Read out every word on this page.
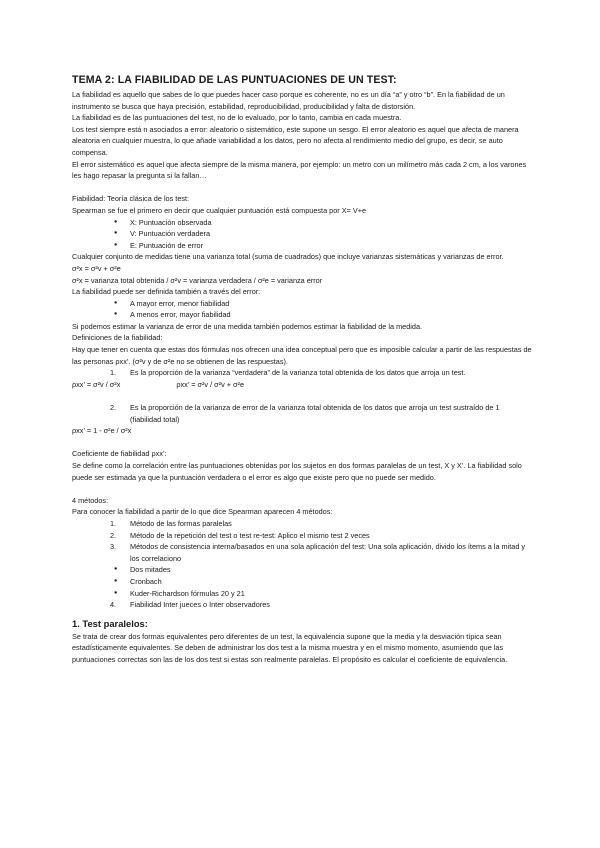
TEMA 2: LA FIABILIDAD DE LAS PUNTUACIONES DE UN TEST:

La fiabilidad es aquello que sabes de lo que puedes hacer caso porque es coherente, no es un día “a” y otro “b”. En la fiabilidad de un instrumento se busca que haya precisión, estabilidad, reproducibilidad, producibilidad y falta de distorsión.

La fiabilidad es de las puntuaciones del test, no de lo evaluado, por lo tanto, cambia en cada muestra.

Los test siempre está n asociados a error: aleatorio o sistemático, este supone un sesgo. El error aleatorio es aquel que afecta de manera aleatoria en cualquier muestra, lo que añade variabilidad a los datos, pero no afecta al rendimiento medio del grupo, es decir, se auto compensa.

El error sistemático es aquel que afecta siempre de la misma manera, por ejemplo: un metro con un milímetro más cada 2 cm, a los varones les hago repasar la pregunta si la fallan…

Fiabilidad: Teoría clásica de los test:

Spearman se fue el primero en decir que cualquier puntuación está compuesta por X= V+e

● X: Puntuación observada
● V: Puntuación verdadera
● E: Puntuación de error

Cualquier conjunto de medidas tiene una varianza total (suma de cuadrados) que incluye varianzas sistemáticas y varianzas de error.

σ²x = σ²v + σ²e

σ²x = varianza total obtenida / σ²v = varianza verdadera / σ²e = varianza error

La fiabilidad puede ser definida también a través del error:

● A mayor error, menor fiabilidad
● A menos error, mayor fiabilidad

Si podemos estimar la varianza de error de una medida también podemos estimar la fiabilidad de la medida.

Definiciones de la fiabilidad:

Hay que tener en cuenta que estas dos fórmulas nos ofrecen una idea conceptual pero que es imposible calcular a partir de las respuestas de las personas ρxx’. (σ²v y de σ²e no se obtienen de las respuestas).

1. Es la proporción de la varianza “verdadera” de la varianza total obtenida de los datos que arroja un test.
ρxx’ = σ²v / σ²x	ρxx’ = σ²v / σ²v + σ²e
2. Es la proporción de la varianza de error de la varianza total obtenida de los datos que arroja un test sustraído de 1 (fiabilidad total)

ρxx’ = 1 - σ²e / σ²x

Coeficiente de fiabilidad ρxx’:

Se define como la correlación entre las puntuaciones obtenidas por los sujetos en dos formas paralelas de un test, X y X’. La fiabilidad solo puede ser estimada ya que la puntuación verdadera o el error es algo que existe pero que no puede ser medido.

4 métodos:

Para conocer la fiabilidad a partir de lo que dice Spearman aparecen 4 métodos:

1. Método de las formas paralelas
2. Método de la repetición del test o test re-test: Aplico el mismo test 2 veces
3. Métodos de consistencia interna/basados en una sola aplicación del test: Una sola aplicación, divido los ítems a la mitad y los correlaciono
● Dos mitades
● Cronbach
● Kuder-Richardson fórmulas 20 y 21
4. Fiabilidad Inter jueces o Inter observadores
1. Test paralelos:

Se trata de crear dos formas equivalentes pero diferentes de un test, la equivalencia supone que la media y la desviación típica sean estadísticamente equivalentes. Se deben de administrar los dos test a la misma muestra y en el mismo momento, asumiendo que las puntuaciones correctas son las de los dos test si estas son realmente paralelas. El propósito es calcular el coeficiente de equivalencia.
